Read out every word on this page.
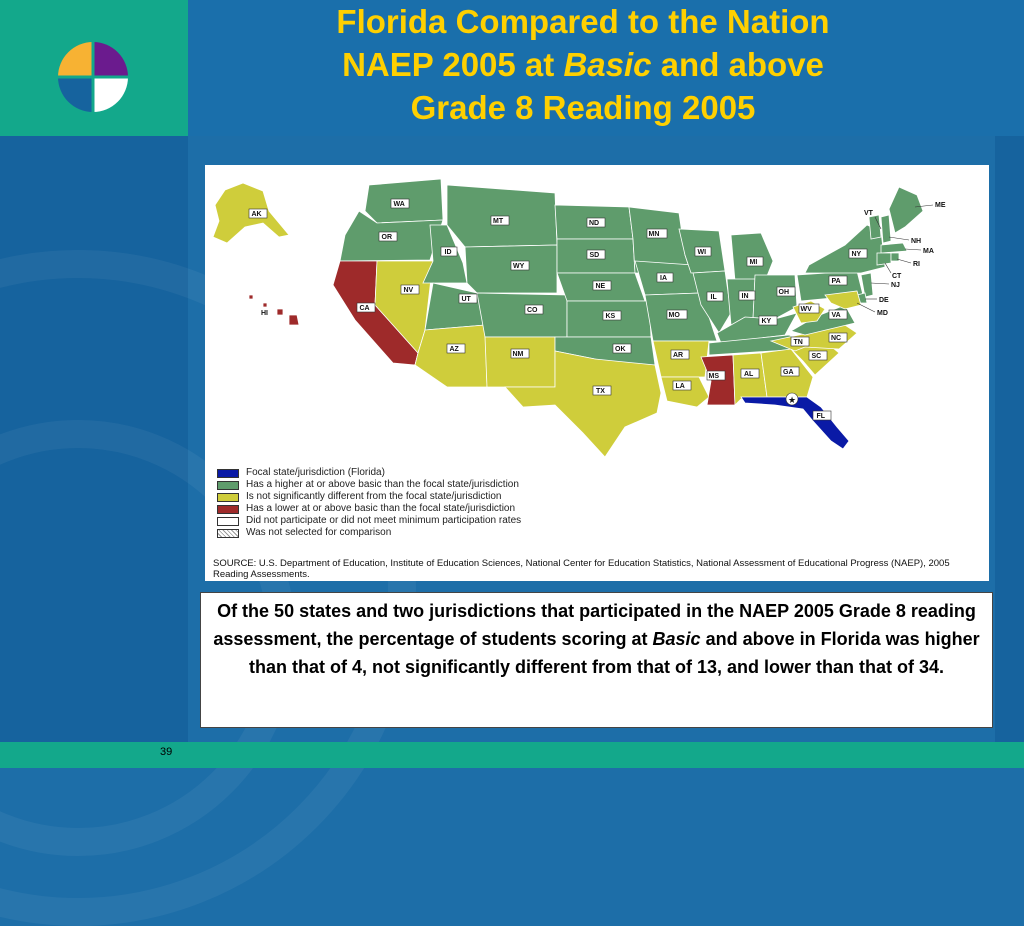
Florida Compared to the Nation
NAEP 2005 at Basic and above
Grade 8 Reading 2005
WA
OR
CA
NV
ID
MT
WY
UT
AZ
CO
NM
ND
SD
NE
KS
OK
TX
MN
IA
MO
AR
LA
WI
IL
MI
IN
OH
KY
TN
MS	AL	GA
FL
SC
NC
VA
WV
PA
NY
VT
ME
NH
MA
RI
CT
NJ
DE
MD
AK
HI
★
Focal state/jurisdiction (Florida)
Has a higher at or above basic than the focal state/jurisdiction
Is not significantly different from the focal state/jurisdiction
Has a lower at or above basic than the focal state/jurisdiction
Did not participate or did not meet minimum participation rates
Was not selected for comparison
SOURCE: U.S. Department of Education, Institute of Education Sciences, National Center for Education Statistics, National Assessment of Educational Progress (NAEP), 2005 Reading Assessments.
Of the 50 states and two jurisdictions that participated in the NAEP 2005 Grade 8 reading assessment, the percentage of students scoring at Basic and above in Florida was higher than that of 4, not significantly different from that of 13, and lower than that of 34.
39
